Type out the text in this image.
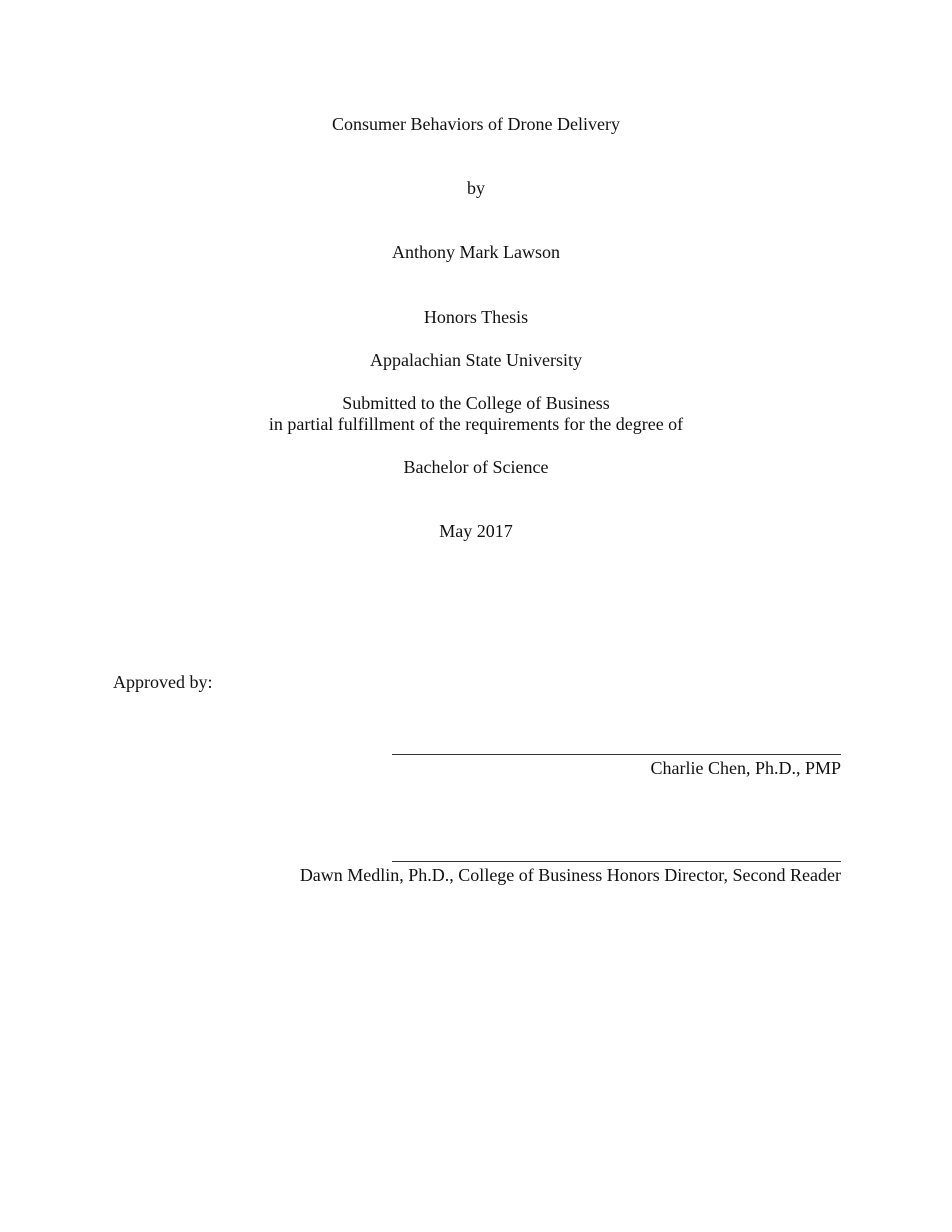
Consumer Behaviors of Drone Delivery
by
Anthony Mark Lawson
Honors Thesis
Appalachian State University
Submitted to the College of Business
in partial fulfillment of the requirements for the degree of
Bachelor of Science
May 2017
Approved by:
Charlie Chen, Ph.D., PMP
Dawn Medlin, Ph.D., College of Business Honors Director, Second Reader
